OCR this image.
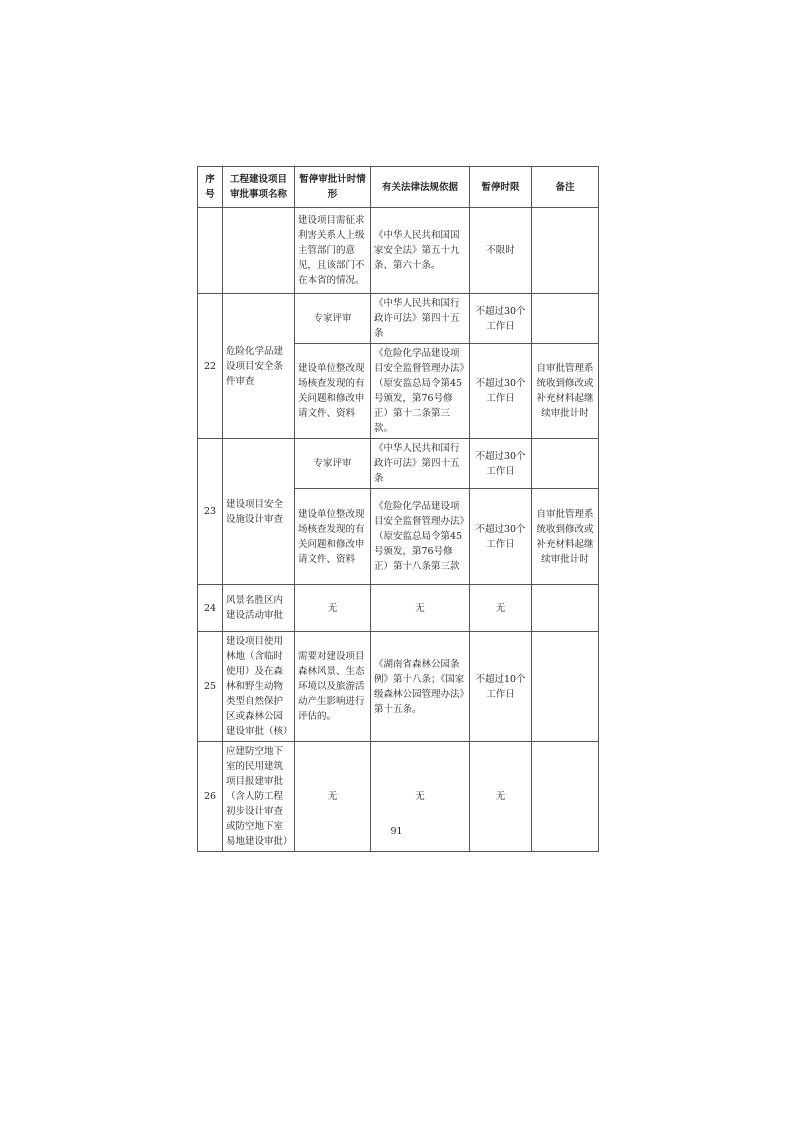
序号	工程建设项目审批事项名称	暂停审批计时情形	有关法律法规依据	暂停时限	备注
		建设项目需征求利害关系人上级主管部门的意见，且该部门不在本省的情况。	《中华人民共和国国家安全法》第五十九条、第六十条。	不限时	
22	危险化学品建设项目安全条件审查	专家评审	《中华人民共和国行政许可法》第四十五条	不超过30个工作日	
		建设单位整改现场核查发现的有关问题和修改申请文件、资料	《危险化学品建设项目安全监督管理办法》（原安监总局令第45号颁发，第76号修正）第十二条第三款。	不超过30个工作日	自审批管理系统收到修改或补充材料起继续审批计时
23	建设项目安全设施设计审查	专家评审	《中华人民共和国行政许可法》第四十五条	不超过30个工作日	
		建设单位整改现场核查发现的有关问题和修改申请文件、资料	《危险化学品建设项目安全监督管理办法》（原安监总局令第45号颁发，第76号修正）第十八条第三款	不超过30个工作日	自审批管理系统收到修改或补充材料起继续审批计时
24	风景名胜区内建设活动审批	无	无	无	
25	建设项目使用林地（含临时使用）及在森林和野生动物类型自然保护区或森林公园建设审批（核）	需要对建设项目森林风景、生态环境以及旅游活动产生影响进行评估的。	《湖南省森林公园条例》第十八条；《国家级森林公园管理办法》第十五条。	不超过10个工作日	
26	应建防空地下室的民用建筑项目报建审批（含人防工程初步设计审查或防空地下室易地建设审批）	无	无	无	
91
